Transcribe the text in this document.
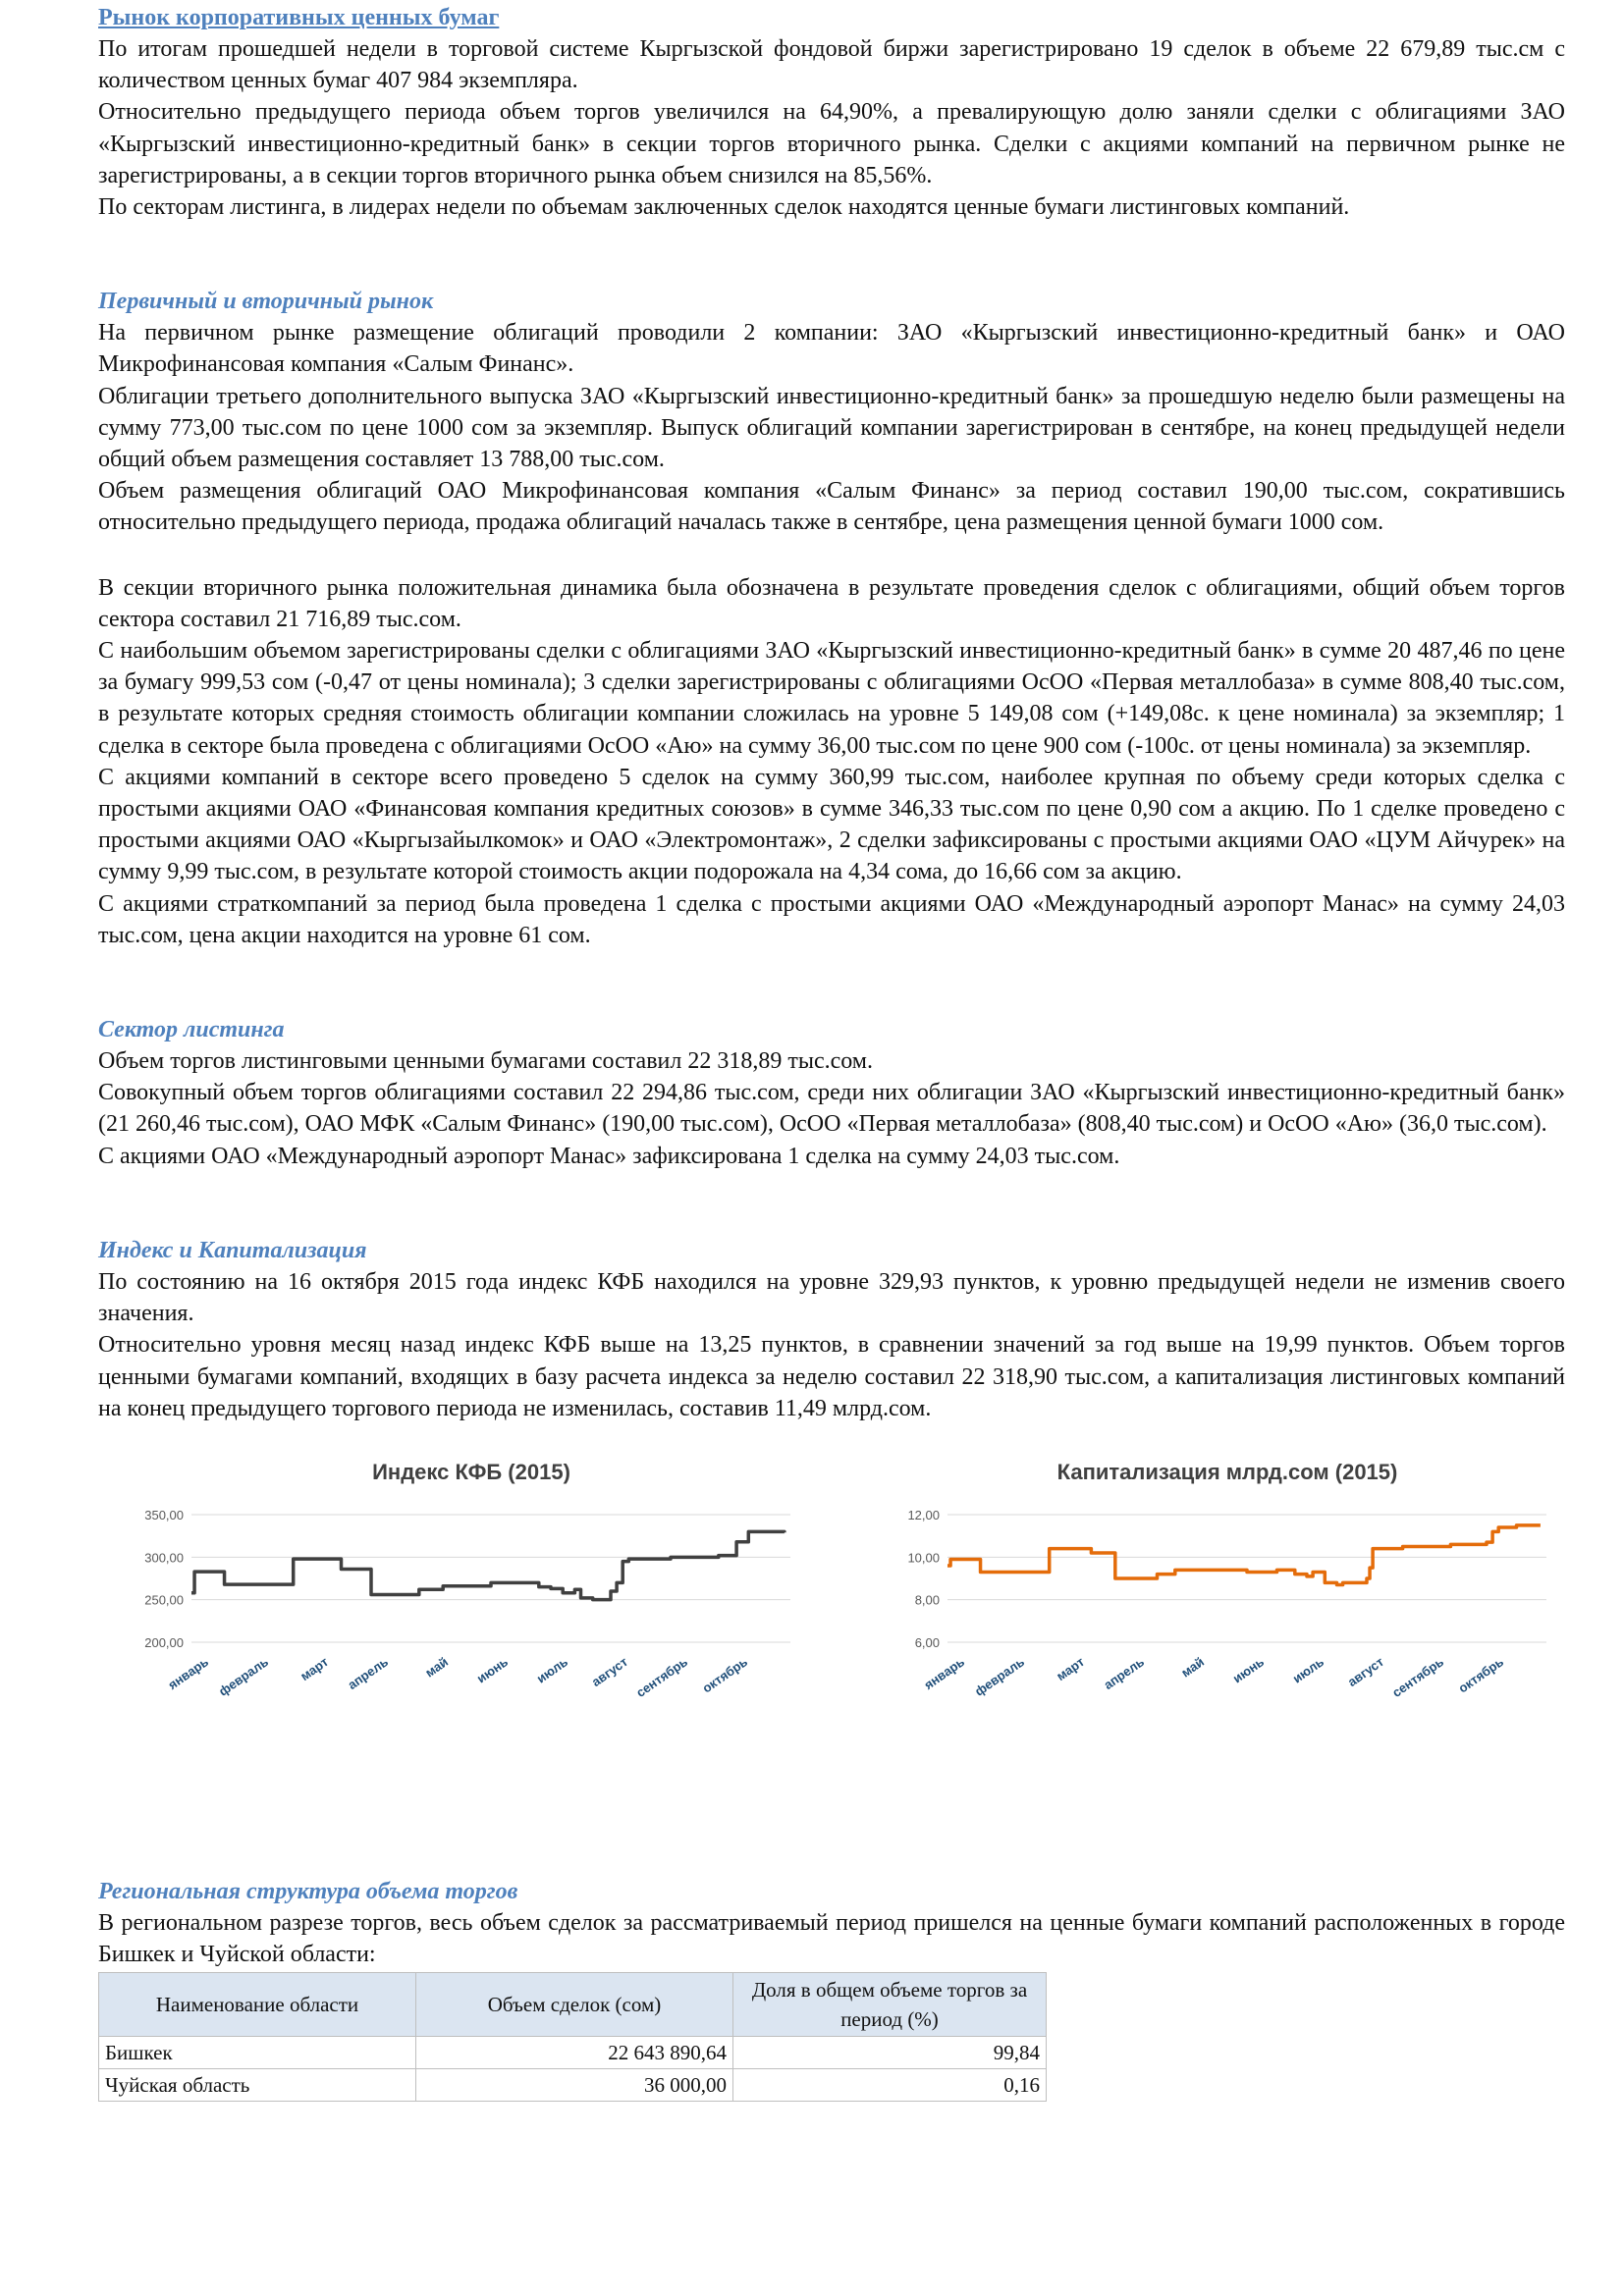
Рынок корпоративных ценных бумаг

По итогам прошедшей недели в торговой системе Кыргызской фондовой биржи зарегистрировано 19 сделок в объеме 22 679,89 тыс.см с количеством ценных бумаг 407 984 экземпляра.

Относительно предыдущего периода объем торгов увеличился на 64,90%, а превалирующую долю заняли сделки с облигациями ЗАО «Кыргызский инвестиционно-кредитный банк» в секции торгов вторичного рынка. Сделки с акциями компаний на первичном рынке не зарегистрированы, а в секции торгов вторичного рынка объем снизился на 85,56%.

По секторам листинга, в лидерах недели по объемам заключенных сделок находятся ценные бумаги листинговых компаний.

Первичный и вторичный рынок

На первичном рынке размещение облигаций проводили 2 компании: ЗАО «Кыргызский инвестиционно-кредитный банк» и ОАО Микрофинансовая компания «Салым Финанс».

Облигации третьего дополнительного выпуска ЗАО «Кыргызский инвестиционно-кредитный банк» за прошедшую неделю были размещены на сумму 773,00 тыс.сом по цене 1000 сом за экземпляр. Выпуск облигаций компании зарегистрирован в сентябре, на конец предыдущей недели общий объем размещения составляет 13 788,00 тыс.сом.

Объем размещения облигаций ОАО Микрофинансовая компания «Салым Финанс» за период составил 190,00 тыс.сом, сократившись относительно предыдущего периода, продажа облигаций началась также в сентябре, цена размещения ценной бумаги 1000 сом.

В секции вторичного рынка положительная динамика была обозначена в результате проведения сделок с облигациями, общий объем торгов сектора составил 21 716,89 тыс.сом.

С наибольшим объемом зарегистрированы сделки с облигациями ЗАО «Кыргызский инвестиционно-кредитный банк» в сумме 20 487,46 по цене за бумагу 999,53 сом (-0,47 от цены номинала); 3 сделки зарегистрированы с облигациями ОсОО «Первая металлобаза» в сумме 808,40 тыс.сом, в результате которых средняя стоимость облигации компании сложилась на уровне 5 149,08 сом (+149,08с. к цене номинала) за экземпляр; 1 сделка в секторе была проведена с облигациями ОсОО «Аю» на сумму 36,00 тыс.сом по цене 900 сом (-100с. от цены номинала) за экземпляр.

С акциями компаний в секторе всего проведено 5 сделок на сумму 360,99 тыс.сом, наиболее крупная по объему среди которых сделка с простыми акциями ОАО «Финансовая компания кредитных союзов» в сумме 346,33 тыс.сом по цене 0,90 сом а акцию. По 1 сделке проведено с простыми акциями ОАО «Кыргызайылкомок» и ОАО «Электромонтаж», 2 сделки зафиксированы с простыми акциями ОАО «ЦУМ Айчурек» на сумму 9,99 тыс.сом, в результате которой стоимость акции подорожала на 4,34 сома, до 16,66 сом за акцию.

С акциями страткомпаний за период была проведена 1 сделка с простыми акциями ОАО «Международный аэропорт Манас» на сумму 24,03 тыс.сом, цена акции находится на уровне 61 сом.

Сектор листинга

Объем торгов листинговыми ценными бумагами составил 22 318,89 тыс.сом.

Совокупный объем торгов облигациями составил 22 294,86 тыс.сом, среди них облигации ЗАО «Кыргызский инвестиционно-кредитный банк» (21 260,46 тыс.сом), ОАО МФК «Салым Финанс» (190,00 тыс.сом), ОсОО «Первая металлобаза» (808,40 тыс.сом) и ОсОО «Аю» (36,0 тыс.сом).

С акциями ОАО «Международный аэропорт Манас» зафиксирована 1 сделка на сумму 24,03 тыс.сом.

Индекс и Капитализация

По состоянию на 16 октября 2015 года индекс КФБ находился на уровне 329,93 пунктов, к уровню предыдущей недели не изменив своего значения.

Относительно уровня месяц назад индекс КФБ выше на 13,25 пунктов, в сравнении значений за год выше на 19,99 пунктов. Объем торгов ценными бумагами компаний, входящих в базу расчета индекса за неделю составил 22 318,90 тыс.сом, а капитализация листинговых компаний на конец предыдущего торгового периода не изменилась, составив 11,49 млрд.сом.

Индекс КФБ (2015)
350,00
300,00
250,00
200,00
январь февраль март апрель май июнь июль август сентябрь октябрь
Капитализация млрд.сом (2015)
12,00
10,00
8,00
6,00
январь февраль март апрель май июнь июль август сентябрь октябрь
Региональная структура объема торгов

В региональном разрезе торгов, весь объем сделок за рассматриваемый период пришелся на ценные бумаги компаний расположенных в городе Бишкек и Чуйской области:

Наименование области	Объем сделок (сом)	Доля в общем объеме торгов за период (%)
Бишкек	22 643 890,64	99,84
Чуйская область	36 000,00	0,16
